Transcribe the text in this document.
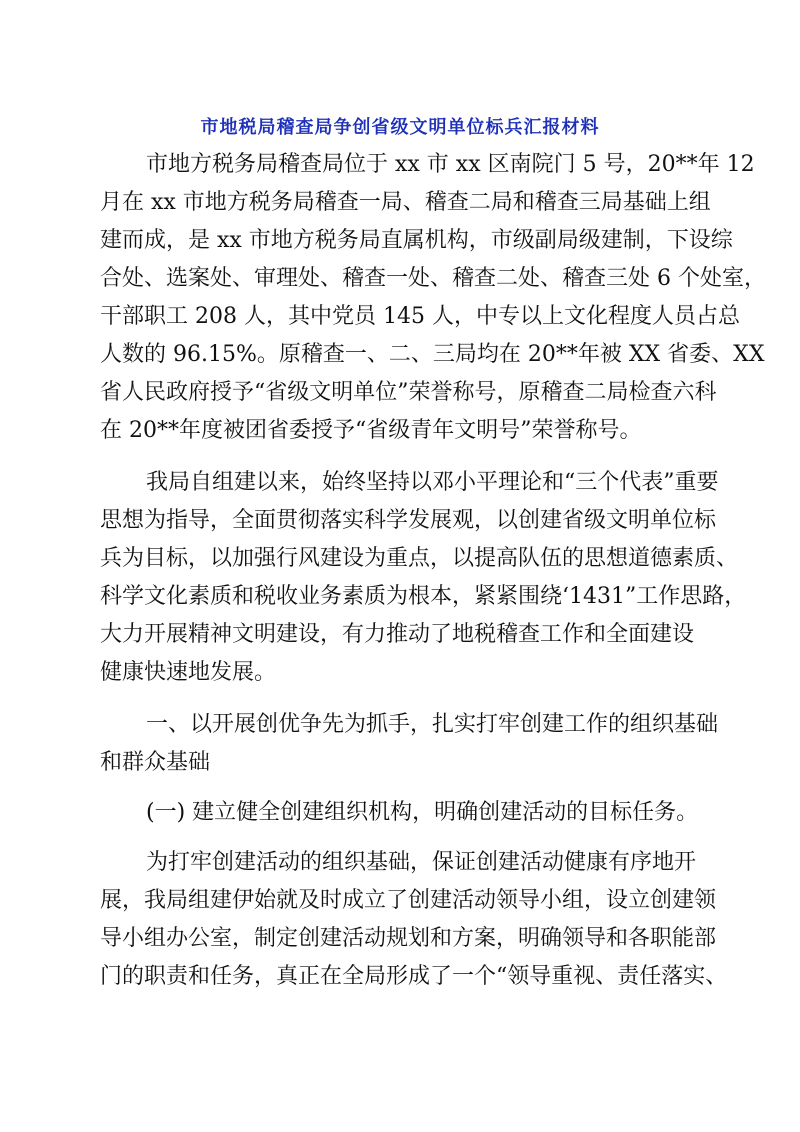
市地税局稽查局争创省级文明单位标兵汇报材料
市地方税务局稽查局位于 xx 市 xx 区南院门 5 号，20**年 12
月在 xx 市地方税务局稽查一局、稽查二局和稽查三局基础上组
建而成，是 xx 市地方税务局直属机构，市级副局级建制，下设综
合处、选案处、审理处、稽查一处、稽查二处、稽查三处 6 个处室，
干部职工 208 人，其中党员 145 人，中专以上文化程度人员占总
人数的 96.15%。原稽查一、二、三局均在 20**年被 XX 省委、XX
省人民政府授予“省级文明单位”荣誉称号，原稽查二局检查六科
在 20**年度被团省委授予“省级青年文明号”荣誉称号。
我局自组建以来，始终坚持以邓小平理论和“三个代表”重要
思想为指导，全面贯彻落实科学发展观，以创建省级文明单位标
兵为目标，以加强行风建设为重点，以提高队伍的思想道德素质、
科学文化素质和税收业务素质为根本，紧紧围绕‘1431”工作思路，
大力开展精神文明建设，有力推动了地税稽查工作和全面建设
健康快速地发展。
一、以开展创优争先为抓手，扎实打牢创建工作的组织基础
和群众基础
(一) 建立健全创建组织机构，明确创建活动的目标任务。
为打牢创建活动的组织基础，保证创建活动健康有序地开
展，我局组建伊始就及时成立了创建活动领导小组，设立创建领
导小组办公室，制定创建活动规划和方案，明确领导和各职能部
门的职责和任务，真正在全局形成了一个“领导重视、责任落实、
